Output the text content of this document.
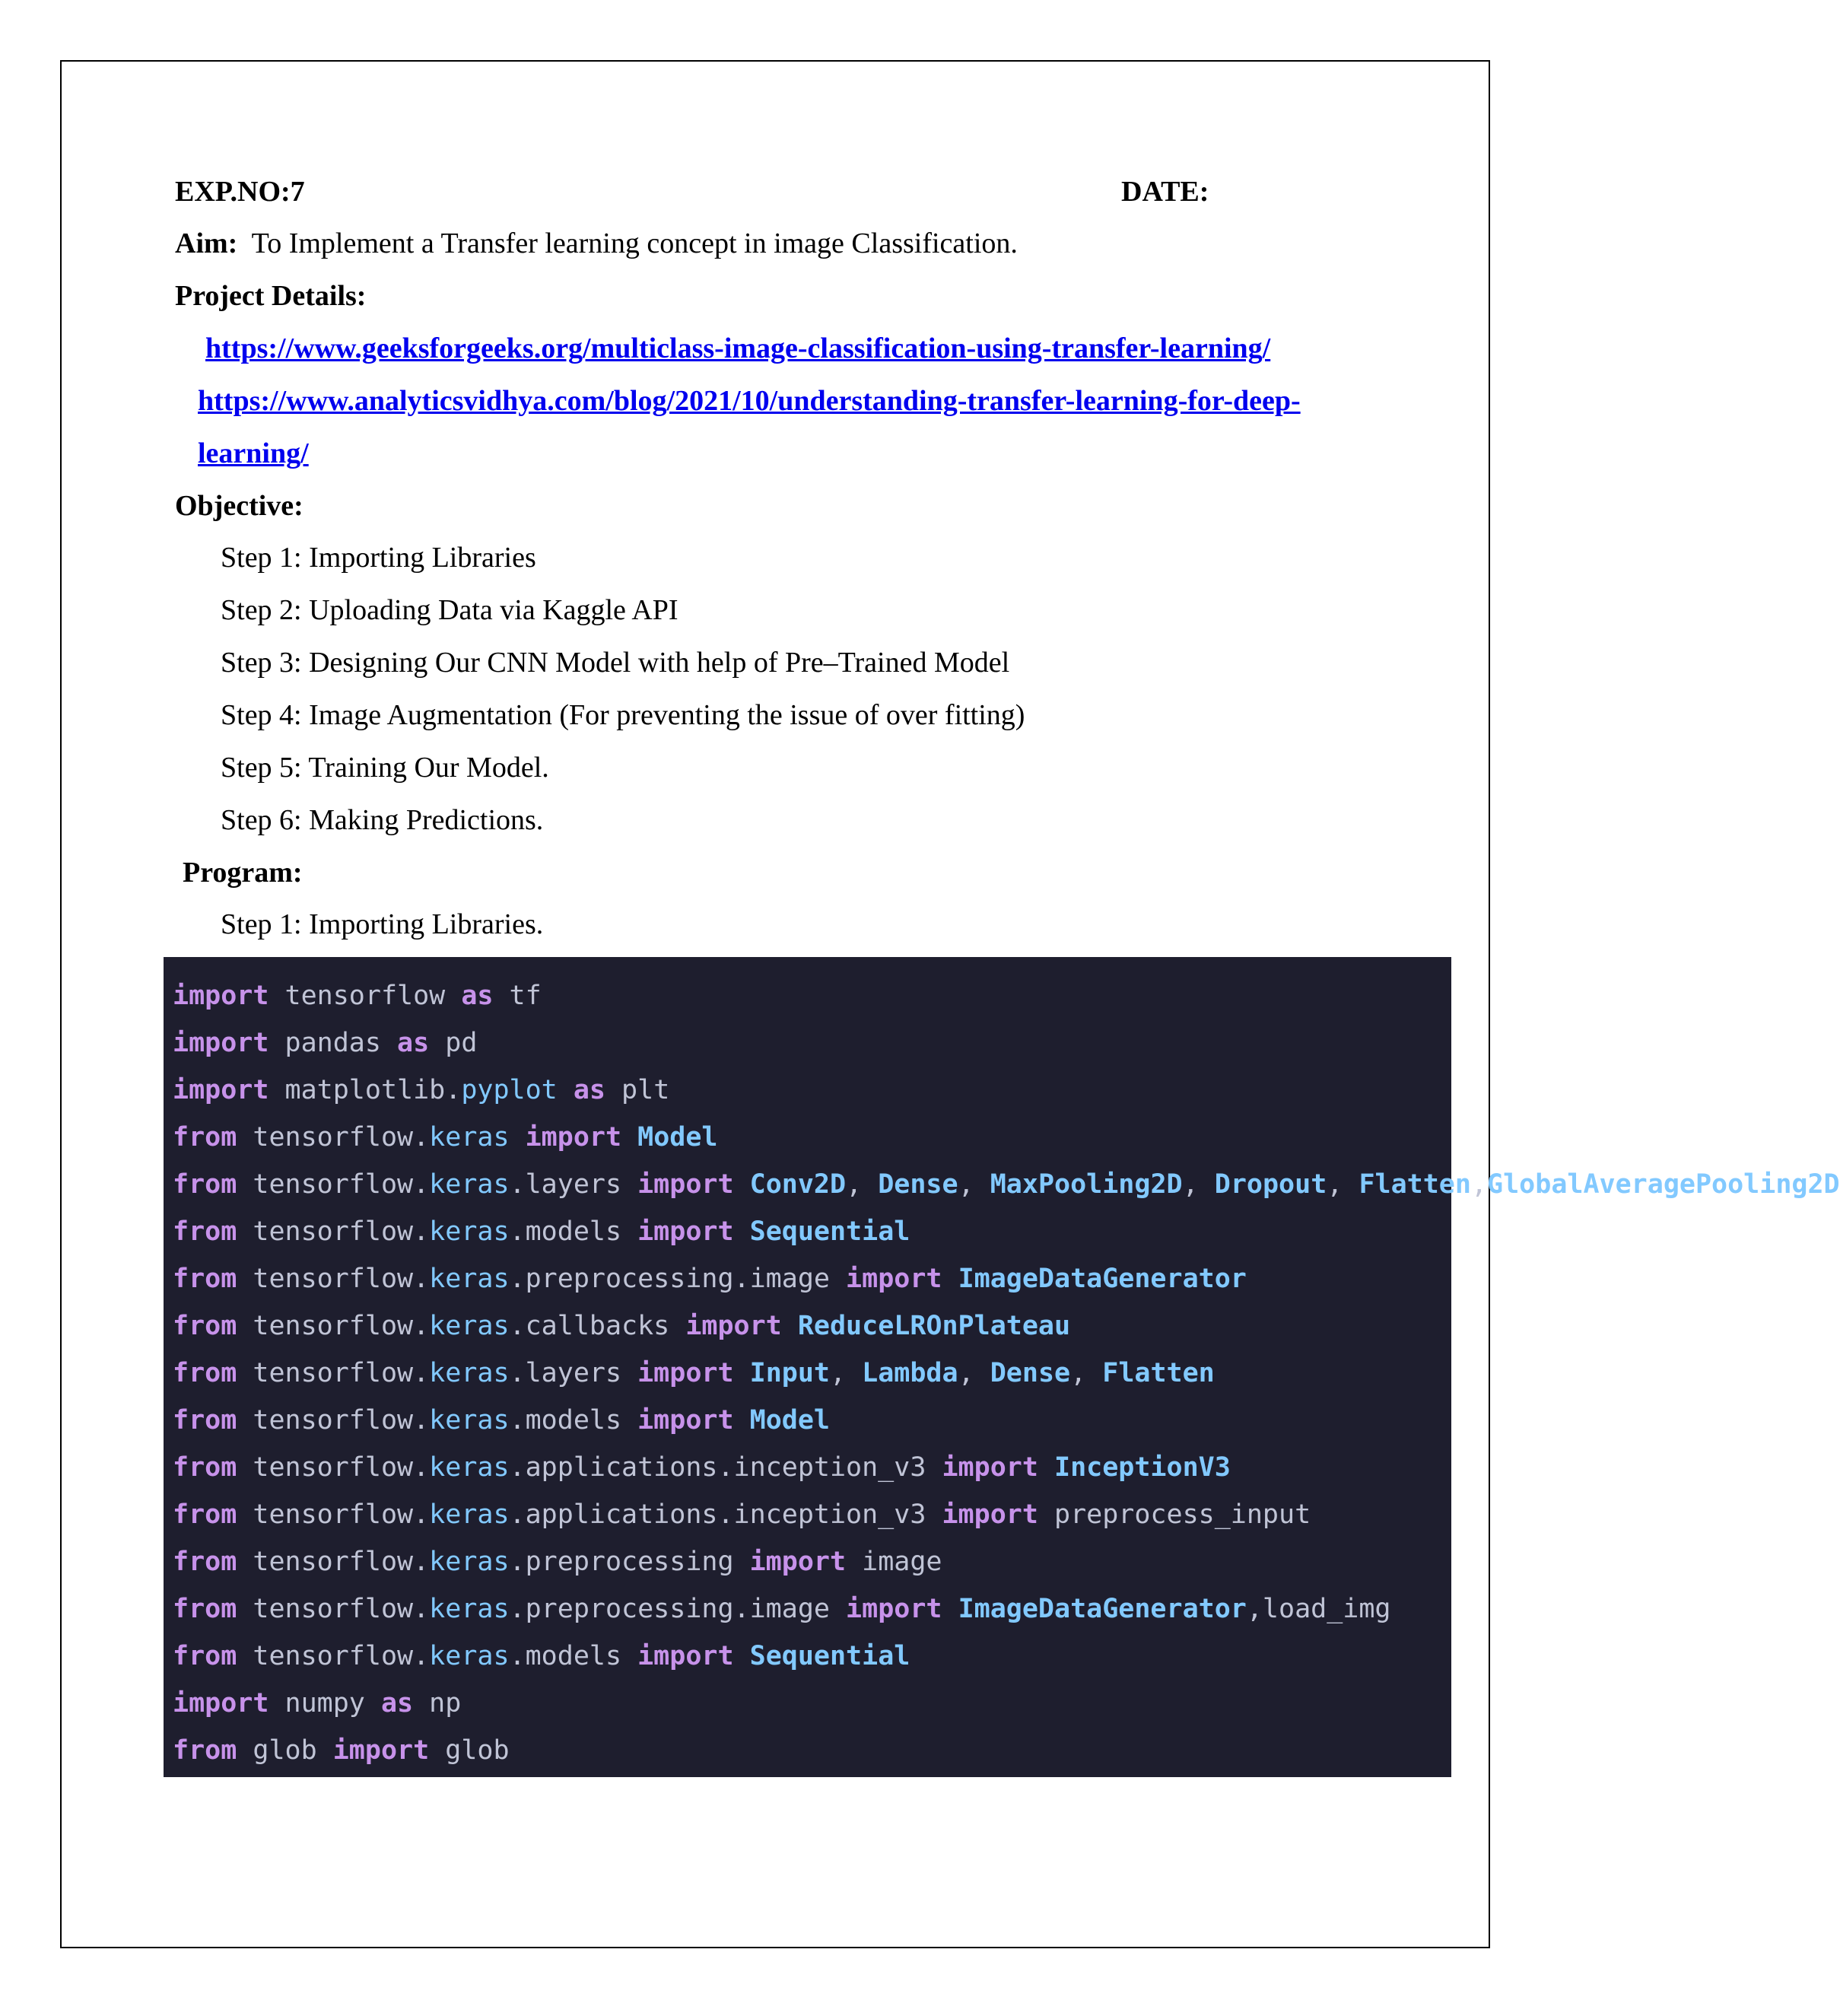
EXP.NO:7	DATE:
Aim: To Implement a Transfer learning concept in image Classification.
Project Details:
https://www.geeksforgeeks.org/multiclass-image-classification-using-transfer-learning/
https://www.analyticsvidhya.com/blog/2021/10/understanding-transfer-learning-for-deep-
learning/
Objective:
Step 1: Importing Libraries
Step 2: Uploading Data via Kaggle API
Step 3: Designing Our CNN Model with help of Pre–Trained Model
Step 4: Image Augmentation (For preventing the issue of over fitting)
Step 5: Training Our Model.
Step 6: Making Predictions.
Program:
Step 1: Importing Libraries.
import tensorflow as tf
import pandas as pd
import matplotlib.pyplot as plt
from tensorflow.keras import Model
from tensorflow.keras.layers import Conv2D, Dense, MaxPooling2D, Dropout, Flatten,GlobalAveragePooling2D
from tensorflow.keras.models import Sequential
from tensorflow.keras.preprocessing.image import ImageDataGenerator
from tensorflow.keras.callbacks import ReduceLROnPlateau
from tensorflow.keras.layers import Input, Lambda, Dense, Flatten
from tensorflow.keras.models import Model
from tensorflow.keras.applications.inception_v3 import InceptionV3
from tensorflow.keras.applications.inception_v3 import preprocess_input
from tensorflow.keras.preprocessing import image
from tensorflow.keras.preprocessing.image import ImageDataGenerator,load_img
from tensorflow.keras.models import Sequential
import numpy as np
from glob import glob
